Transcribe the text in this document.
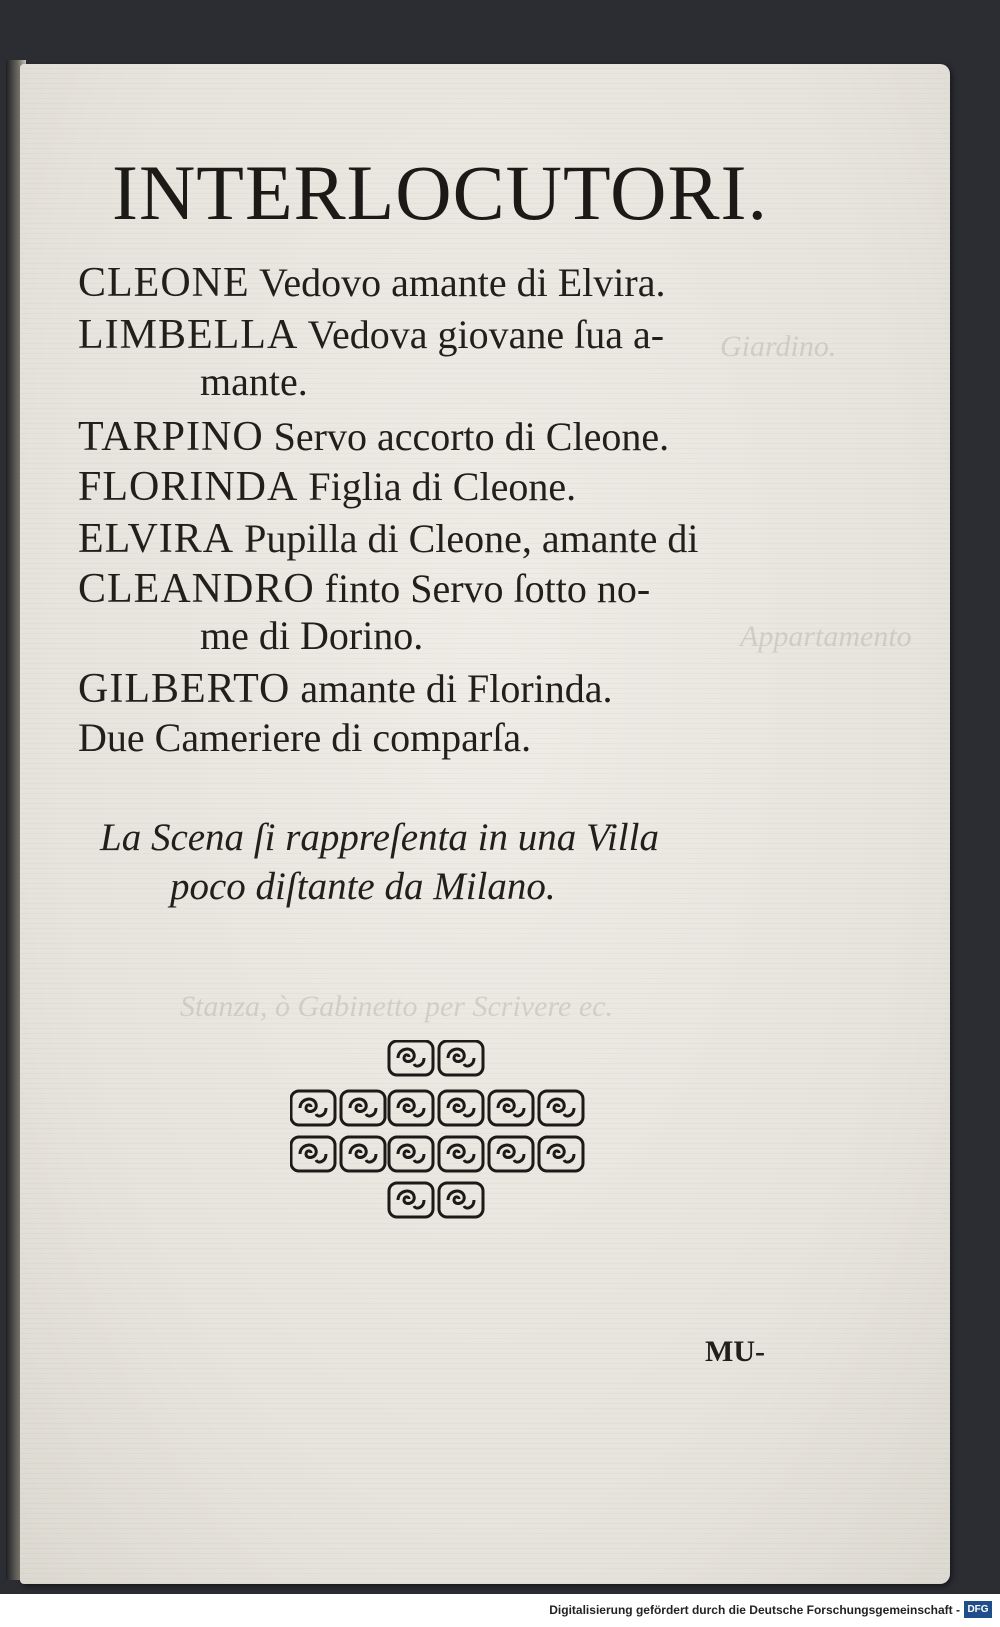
Giardino.
Appartamento
Stanza, ò Gabinetto per Scrivere ec.
INTERLOCUTORI.
CLEONE Vedovo amante di Elvira.
LIMBELLA Vedova giovane ſua a-
mante.
TARPINO Servo accorto di Cleone.
FLORINDA Figlia di Cleone.
ELVIRA Pupilla di Cleone, amante di
CLEANDRO finto Servo ſotto no-
me di Dorino.
GILBERTO amante di Florinda.
Due Cameriere di comparſa.
La Scena ſi rappreſenta in una Villa
poco diſtante da Milano.
MU-
Digitalisierung gefördert durch die Deutsche Forschungsgemeinschaft - DFG
